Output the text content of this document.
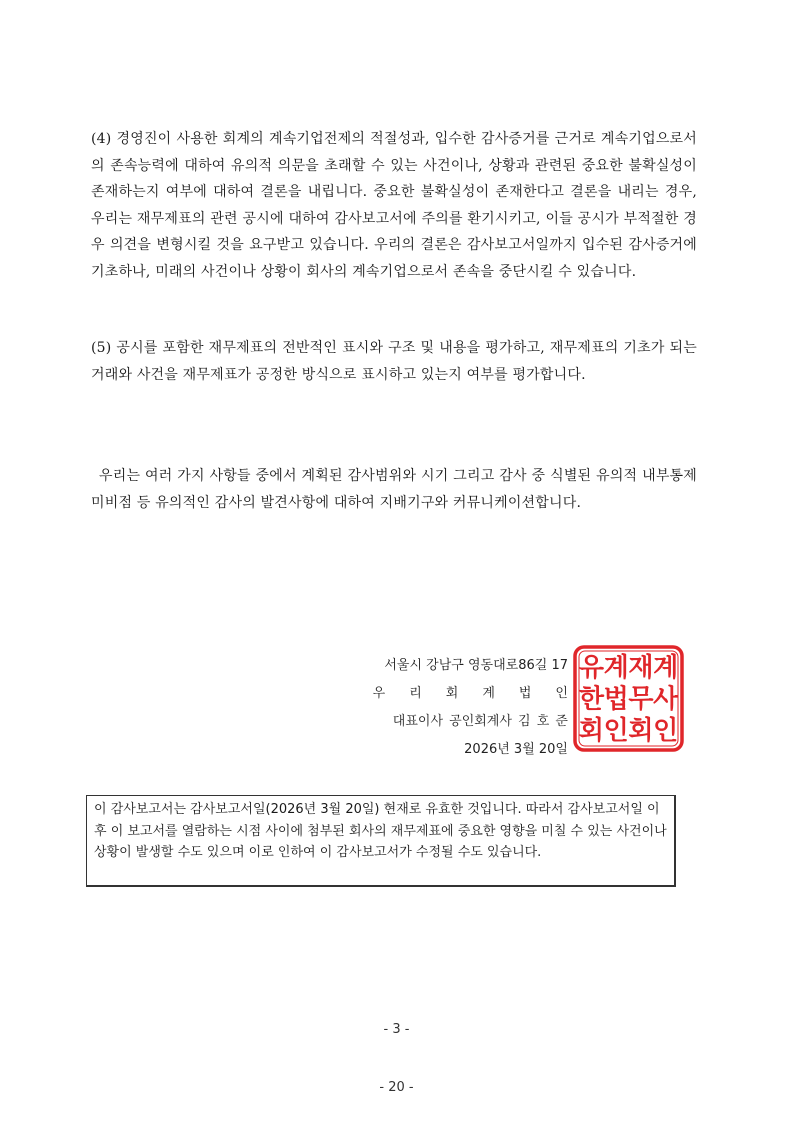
(4) 경영진이 사용한 회계의 계속기업전제의 적절성과, 입수한 감사증거를 근거로 계속기업으로서의 존속능력에 대하여 유의적 의문을 초래할 수 있는 사건이나, 상황과 관련된 중요한 불확실성이 존재하는지 여부에 대하여 결론을 내립니다. 중요한 불확실성이 존재한다고 결론을 내리는 경우, 우리는 재무제표의 관련 공시에 대하여 감사보고서에 주의를 환기시키고, 이들 공시가 부적절한 경우 의견을 변형시킬 것을 요구받고 있습니다. 우리의 결론은 감사보고서일까지 입수된 감사증거에 기초하나, 미래의 사건이나 상황이 회사의 계속기업으로서 존속을 중단시킬 수 있습니다.

(5) 공시를 포함한 재무제표의 전반적인 표시와 구조 및 내용을 평가하고, 재무제표의 기초가 되는 거래와 사건을 재무제표가 공정한 방식으로 표시하고 있는지 여부를 평가합니다.

우리는 여러 가지 사항들 중에서 계획된 감사범위와 시기 그리고 감사 중 식별된 유의적 내부통제 미비점 등 유의적인 감사의 발견사항에 대하여 지배기구와 커뮤니케이션합니다.

서울시 강남구 영동대로86길 17
우리회계법인
대표이사 공인회계사 김 호 준
2026년 3월 20일
유
한
회
계
법
인
재
무
회
계
사
인
이 감사보고서는 감사보고서일(2026년 3월 20일) 현재로 유효한 것입니다. 따라서 감사보고서일 이후 이 보고서를 열람하는 시점 사이에 첨부된 회사의 재무제표에 중요한 영향을 미칠 수 있는 사건이나 상황이 발생할 수도 있으며 이로 인하여 이 감사보고서가 수정될 수도 있습니다.
- 3 -
- 20 -
